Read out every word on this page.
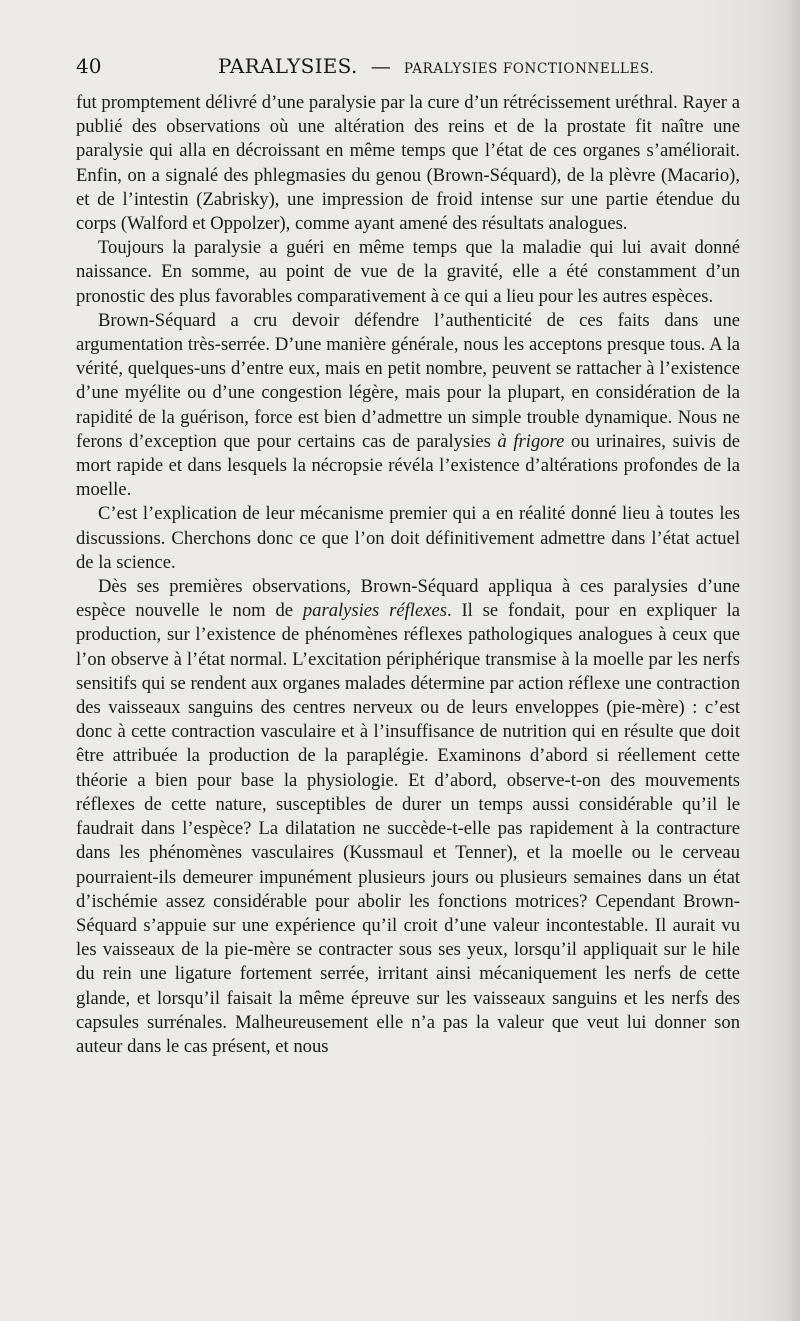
40	PARALYSIES. — PARALYSIES FONCTIONNELLES.

fut promptement délivré d’une paralysie par la cure d’un rétrécissement uréthral. Rayer a publié des observations où une altération des reins et de la prostate fit naître une paralysie qui alla en décroissant en même temps que l’état de ces organes s’améliorait. Enfin, on a signalé des phlegmasies du genou (Brown-Séquard), de la plèvre (Macario), et de l’intestin (Zabrisky), une impression de froid intense sur une partie étendue du corps (Walford et Oppolzer), comme ayant amené des résultats analogues.

Toujours la paralysie a guéri en même temps que la maladie qui lui avait donné naissance. En somme, au point de vue de la gravité, elle a été constamment d’un pronostic des plus favorables comparativement à ce qui a lieu pour les autres espèces.

Brown-Séquard a cru devoir défendre l’authenticité de ces faits dans une argumentation très-serrée. D’une manière générale, nous les acceptons presque tous. A la vérité, quelques-uns d’entre eux, mais en petit nombre, peuvent se rattacher à l’existence d’une myélite ou d’une congestion légère, mais pour la plupart, en considération de la rapidité de la guérison, force est bien d’admettre un simple trouble dynamique. Nous ne ferons d’exception que pour certains cas de paralysies à frigore ou urinaires, suivis de mort rapide et dans lesquels la nécropsie révéla l’existence d’altérations profondes de la moelle.

C’est l’explication de leur mécanisme premier qui a en réalité donné lieu à toutes les discussions. Cherchons donc ce que l’on doit définitivement admettre dans l’état actuel de la science.

Dès ses premières observations, Brown-Séquard appliqua à ces paralysies d’une espèce nouvelle le nom de paralysies réflexes. Il se fondait, pour en expliquer la production, sur l’existence de phénomènes réflexes pathologiques analogues à ceux que l’on observe à l’état normal. L’excitation périphérique transmise à la moelle par les nerfs sensitifs qui se rendent aux organes malades détermine par action réflexe une contraction des vaisseaux sanguins des centres nerveux ou de leurs enveloppes (pie-mère) : c’est donc à cette contraction vasculaire et à l’insuffisance de nutrition qui en résulte que doit être attribuée la production de la paraplégie. Examinons d’abord si réellement cette théorie a bien pour base la physiologie. Et d’abord, observe-t-on des mouvements réflexes de cette nature, susceptibles de durer un temps aussi considérable qu’il le faudrait dans l’espèce? La dilatation ne succède-t-elle pas rapidement à la contracture dans les phénomènes vasculaires (Kussmaul et Tenner), et la moelle ou le cerveau pourraient-ils demeurer impunément plusieurs jours ou plusieurs semaines dans un état d’ischémie assez considérable pour abolir les fonctions motrices? Cependant Brown-Séquard s’appuie sur une expérience qu’il croit d’une valeur incontestable. Il aurait vu les vaisseaux de la pie-mère se contracter sous ses yeux, lorsqu’il appliquait sur le hile du rein une ligature fortement serrée, irritant ainsi mécaniquement les nerfs de cette glande, et lorsqu’il faisait la même épreuve sur les vaisseaux sanguins et les nerfs des capsules surrénales. Malheureusement elle n’a pas la valeur que veut lui donner son auteur dans le cas présent, et nous
